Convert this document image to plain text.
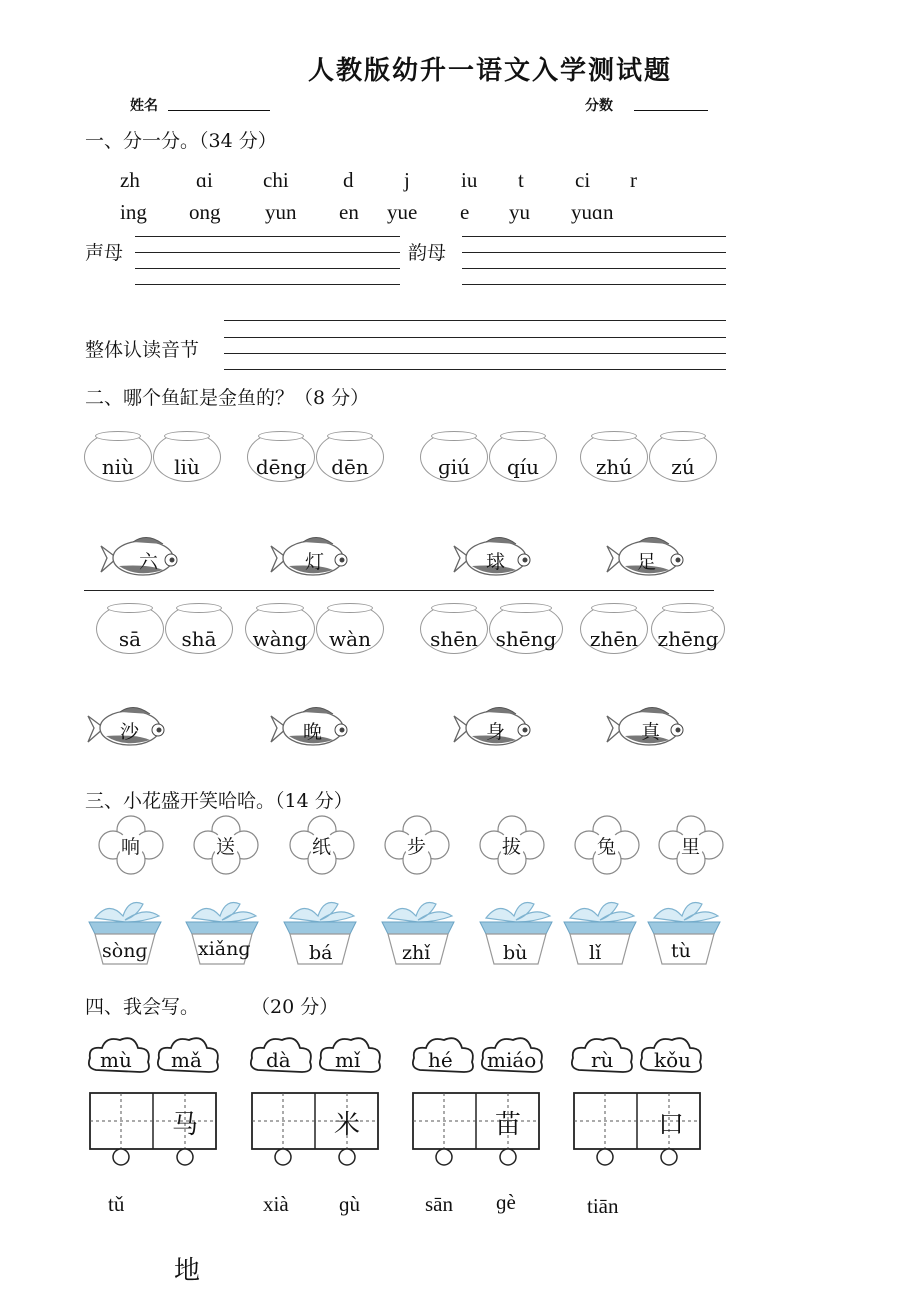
人教版幼升一语文入学测试题
姓名	分数
一、分一分。（34 分）
zh	ɑi chi	d j iu t ci r
ing ong yun en yue e yu yuɑn
声母	韵母
整体认读音节
二、哪个鱼缸是金鱼的？（8 分）
niù	liù	dēng	dēn	ɡiú	qíu	zhú	zú
六	灯	球	足
sā	shā	wàng	wàn	shēn shēng	zhēn zhēng
沙	晚	身	真
三、小花盛开笑哈哈。（14 分）
响	送	纸	步	拔	兔	里
sònɡ	xiǎnɡ	bá	zhǐ	bù	lǐ	tù
四、我会写。	（20 分）
mù mǎ	dà mǐ	hé miáo	rù kǒu
马	米	苗	口
tǔ	xià ɡù	sān ɡè	tiān
地
